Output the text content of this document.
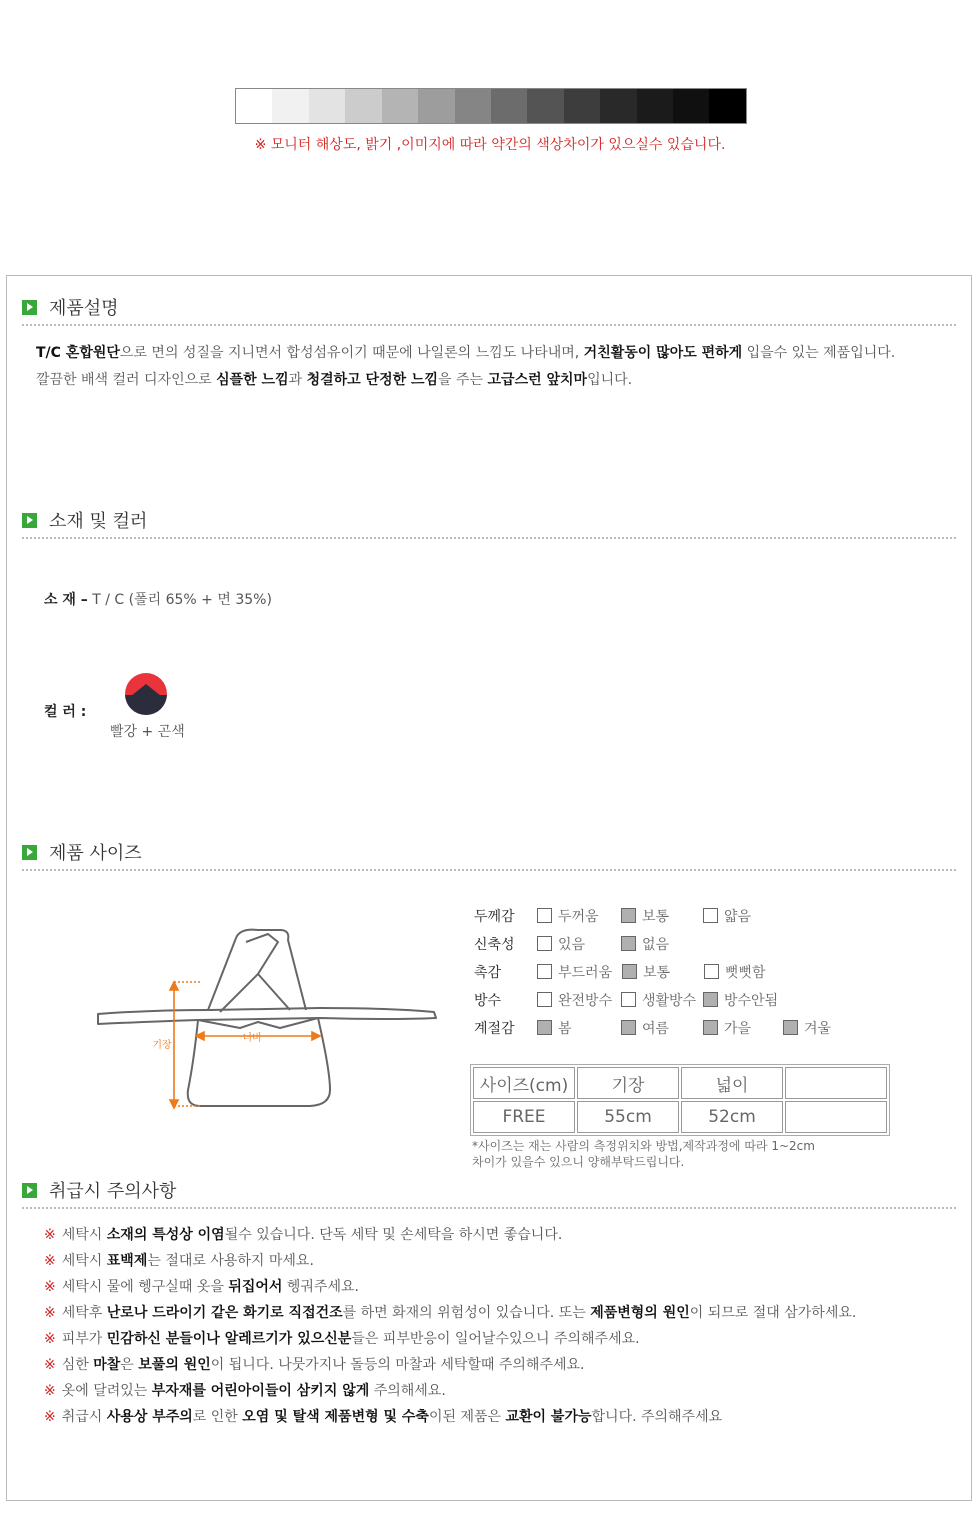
※ 모니터 해상도, 밝기 ,이미지에 따라 약간의 색상차이가 있으실수 있습니다.
제품설명
T/C 혼합원단으로 면의 성질을 지니면서 합성섬유이기 때문에 나일론의 느낌도 나타내며, 거친활동이 많아도 편하게 입을수 있는 제품입니다.
깔끔한 배색 컬러 디자인으로 심플한 느낌과 청결하고 단정한 느낌을 주는 고급스런 앞치마입니다.
소재 및 컬러
소 재 – T / C (폴리 65% + 면 35%)
컬 러 :
빨강 + 곤색
제품 사이즈
기장
너비
두께감	두꺼움	보통	얇음
신축성	있음	없음
촉감	부드러움 보통	뻣뻣함
방수	완전방수 생활방수 방수안됨
계절감	봄	여름	가을	겨울
사이즈(cm)	기장	넓이	
FREE	55cm	52cm	
*사이즈는 재는 사람의 측정위치와 방법,제작과정에 따라 1~2cm
차이가 있을수 있으니 양해부탁드립니다.
취급시 주의사항
※ 세탁시 소재의 특성상 이염될수 있습니다. 단독 세탁 및 손세탁을 하시면 좋습니다.
※ 세탁시 표백제는 절대로 사용하지 마세요.
※ 세탁시 물에 헹구실때 옷을 뒤집어서 헹궈주세요.
※ 세탁후 난로나 드라이기 같은 화기로 직접건조를 하면 화재의 위험성이 있습니다. 또는 제품변형의 원인이 되므로 절대 삼가하세요.
※ 피부가 민감하신 분들이나 알레르기가 있으신분들은 피부반응이 일어날수있으니 주의해주세요.
※ 심한 마찰은 보풀의 원인이 됩니다. 나뭇가지나 돌등의 마찰과 세탁할때 주의해주세요.
※ 옷에 달려있는 부자재를 어린아이들이 삼키지 않게 주의해세요.
※ 취급시 사용상 부주의로 인한 오염 및 탈색 제품변형 및 수축이된 제품은 교환이 불가능합니다. 주의해주세요
